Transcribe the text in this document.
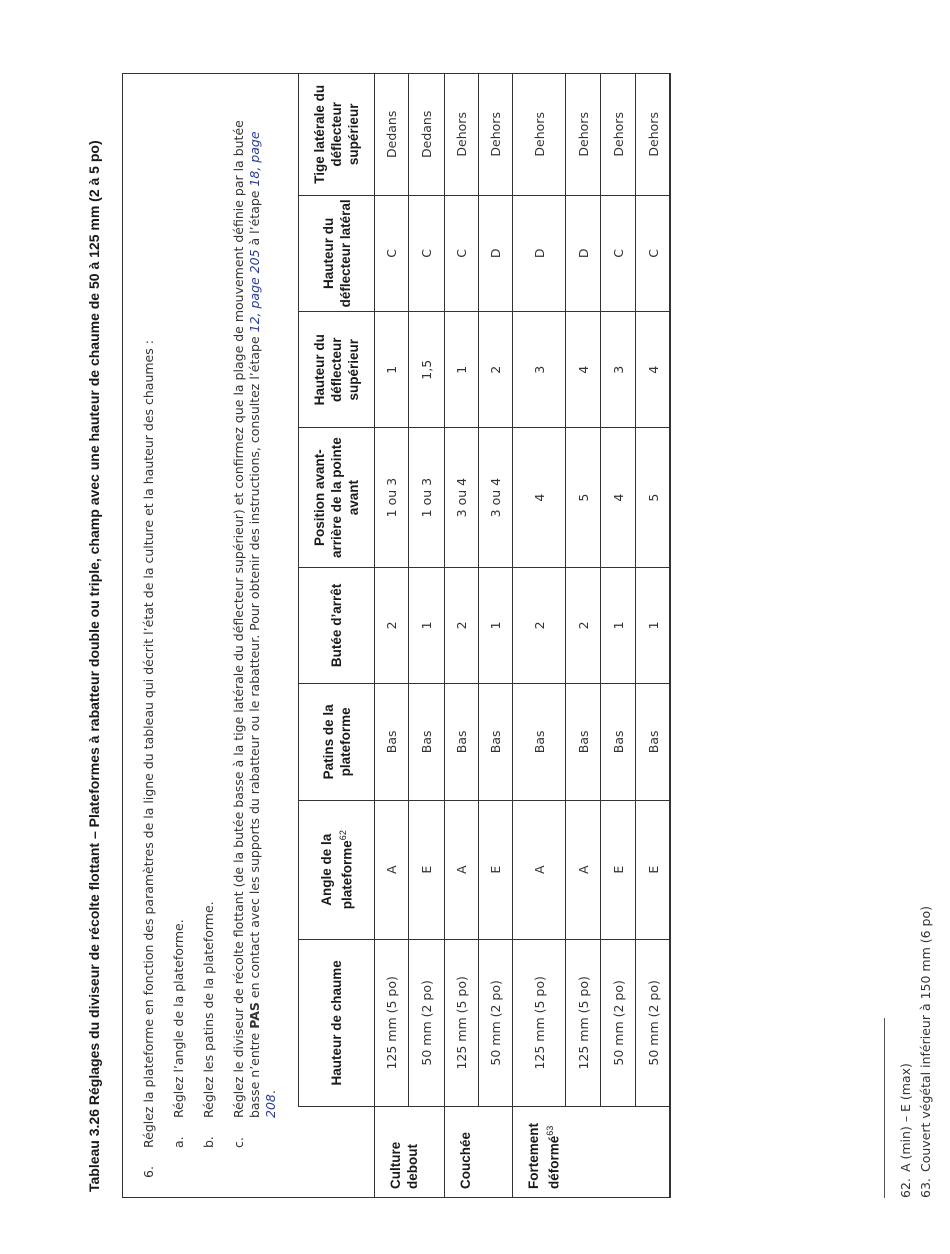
Tableau 3.26 Réglages du diviseur de récolte flottant – Plateformes à rabatteur double ou triple, champ avec une hauteur de chaume de 50 à 125 mm (2 à 5 po)	6.
Réglez la plateforme en fonction des paramètres de la ligne du tableau qui décrit l’état de la culture et la hauteur des chaumes : a.
Réglez l’angle de la plateforme.
b.
Réglez les patins de la plateforme.
c.
Réglez le diviseur de récolte flottant (de la butée basse à la tige latérale du déflecteur supérieur) et confirmez que la plage de mouvement définie par la butée basse n’entre PAS en contact avec les supports du rabatteur ou le rabatteur. Pour obtenir des instructions, consultez l’étape 12, page 205 à l’étape 18, page 208.
	Hauteur de chaume	Angle de la plateforme$^{62}$	Patins de la plateforme	Butée d’arrêt	Position avant-arrière de la pointe avant	Hauteur du déflecteur supérieur	Hauteur du déflecteur latéral	Tige latérale du déflecteur supérieur
Culture debout	125 mm (5 po)	A	Bas	2	1 ou 3	1	C	Dedans
	50 mm (2 po)	E	Bas	1	1 ou 3	1,5	C	Dedans
Couchée	125 mm (5 po)	A	Bas	2	3 ou 4	1	C	Dehors
	50 mm (2 po)	E	Bas	1	3 ou 4	2	D	Dehors
Fortement déformé$^{63}$	125 mm (5 po)	A	Bas	2	4	3	D	Dehors
	125 mm (5 po)	A	Bas	2	5	4	D	Dehors
	50 mm (2 po)	E	Bas	1	4	3	C	Dehors
	50 mm (2 po)	E	Bas	1	5	4	C	Dehors
62.A (min) – E (max)
63.Couvert végétal inférieur à 150 mm (6 po)
